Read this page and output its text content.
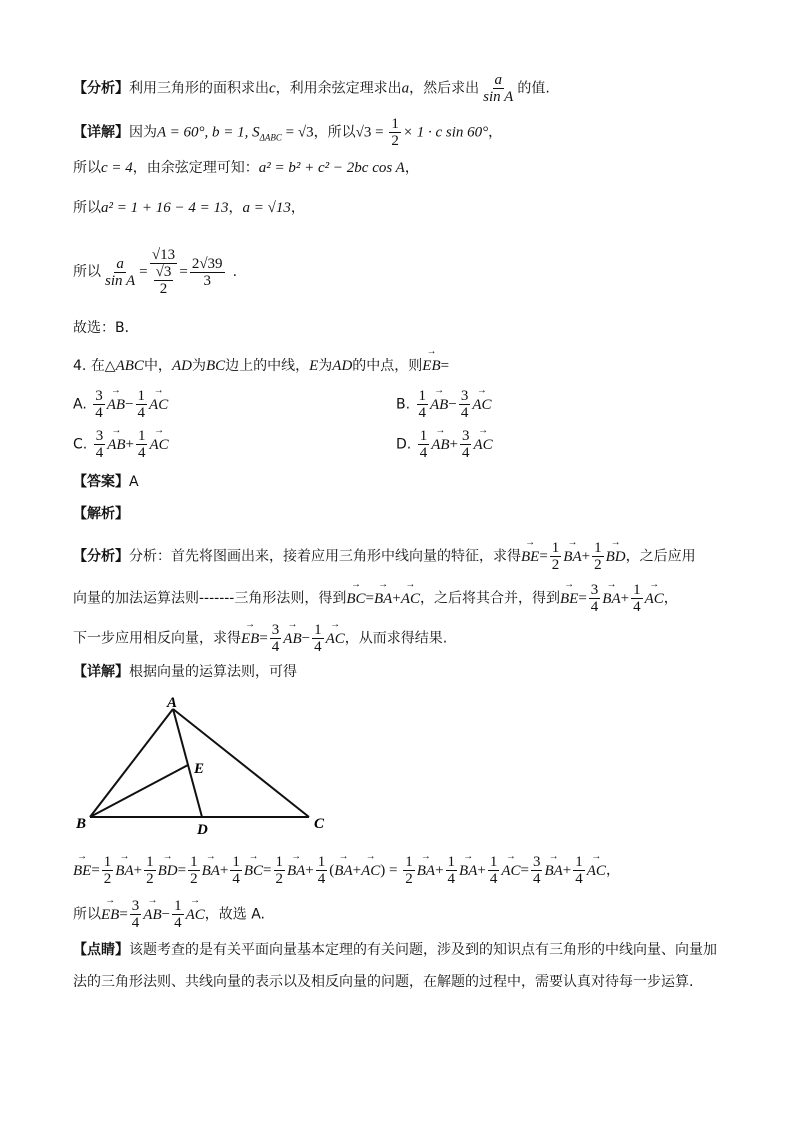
【分析】利用三角形的面积求出c，利用余弦定理求出a，然后求出 $\frac{a}{\text{sin A}}$ 的值.
【详解】因为A = 60°, b = 1, $S_{\Delta ABC} = √3$，所以$√3 = \frac{1}{2} \times 1 \cdot c$ sin 60°，
所以c = 4，由余弦定理可知：a² = b² + c² − 2bc cos A，
所以a² = 1 + 16 − 4 = 13，a = √13，
所以 $\frac{a}{\text{sin A}} = \frac{√13}{\frac{√3}{2}} = \frac{2√39}{3}$ .
故选：B．
4. 在△ABC中，AD为BC边上的中线，E为AD的中点，则→ EB=
A. $\frac{3}{4}$
→ $AB- \frac{1}{4}$
→ AC	B. $\frac{1}{4}$
→ $AB- \frac{3}{4}$
→ AC
C. $\frac{3}{4}$
→ $AB+ \frac{1}{4}$
→ AC	D. $\frac{1}{4}$
→ $AB+ \frac{3}{4}$
→ AC
【答案】A
【解析】
【分析】分析：首先将图画出来，接着应用三角形中线向量的特征，求得→ $BE= \frac{1}{2}$
→ $BA+ \frac{1}{2}$
→ BD，之后应用
向量的加法运算法则-------三角形法则，得到→ BC=→ BA+→ AC，之后将其合并，得到→ $BE= \frac{3}{4}$
→ $BA+ \frac{1}{4}$
→ AC，
下一步应用相反向量，求得→ $EB= \frac{3}{4}$
→ $AB- \frac{1}{4}$
→ AC，从而求得结果.
【详解】根据向量的运算法则，可得
A
B	C
D
E
→ $BE= \frac{1}{2}$
→ $BA+ \frac{1}{2}$
→ $BD= \frac{1}{2}$
→ $BA+ \frac{1}{4}$
→ $BC= \frac{1}{2}$
→ $BA+ \frac{1}{4}$ (→ $BA+\to AC) = \frac{1}{2}$
→ $BA+ \frac{1}{4}$
→ $BA+ \frac{1}{4}$
→ $AC= \frac{3}{4}$
→ $BA+ \frac{1}{4}$
→ AC，
所以→ $EB= \frac{3}{4}$
→ $AB- \frac{1}{4}$
→ AC，故选 A.
【点睛】该题考查的是有关平面向量基本定理的有关问题，涉及到的知识点有三角形的中线向量、向量加
法的三角形法则、共线向量的表示以及相反向量的问题，在解题的过程中，需要认真对待每一步运算.
